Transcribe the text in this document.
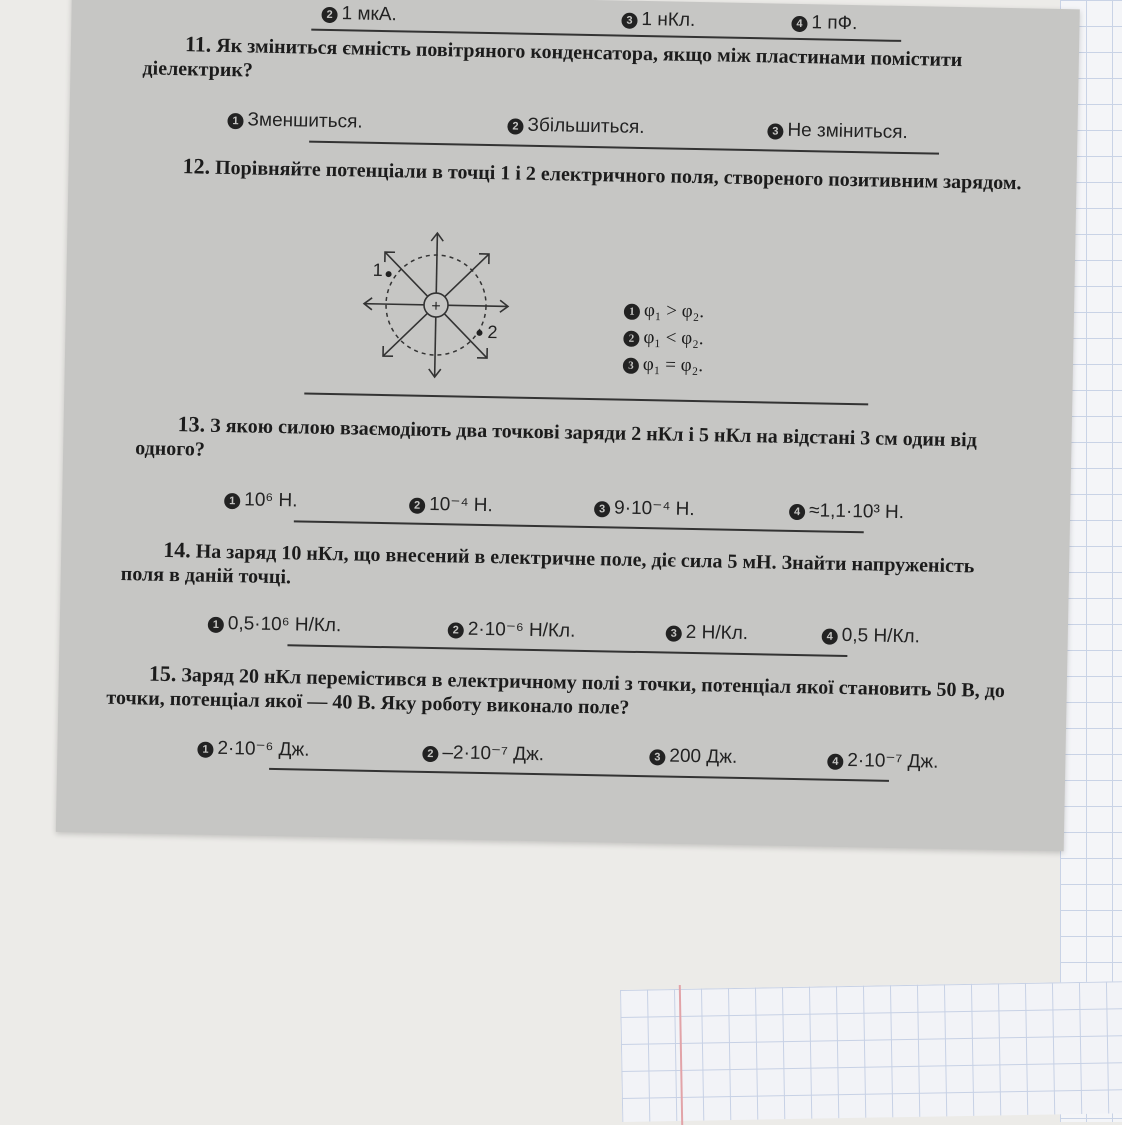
2 1 мкА.	3 1 нКл.	4 1 пФ.
11. Як зміниться ємність повітряного конденсатора, якщо між пластинами помістити діелектрик?
1 Зменшиться.	2 Збільшиться.	3 Не зміниться.
12. Порівняйте потенціали в точці 1 і 2 електричного поля, створеного позитивним зарядом.
+
1
2
1 φ₁ > φ₂.
2 φ₁ < φ₂.
3 φ₁ = φ₂.
13. З якою силою взаємодіють два точкові заряди 2 нКл і 5 нКл на відстані 3 см один від одного?
1 10⁶ Н.	2 10⁻⁴ Н.	3 9·10⁻⁴ Н.	4 ≈1,1·10³ Н.
14. На заряд 10 нКл, що внесений в електричне поле, діє сила 5 мН. Знайти напруженість поля в даній точці.
1 0,5·10⁶ Н/Кл.	2 2·10⁻⁶ Н/Кл.	3 2 Н/Кл.	4 0,5 Н/Кл.
15. Заряд 20 нКл перемістився в електричному полі з точки, потенціал якої становить 50 В, до точки, потенціал якої — 40 В. Яку роботу виконало поле?
1 2·10⁻⁶ Дж.	2 –2·10⁻⁷ Дж.	3 200 Дж.	4 2·10⁻⁷ Дж.
